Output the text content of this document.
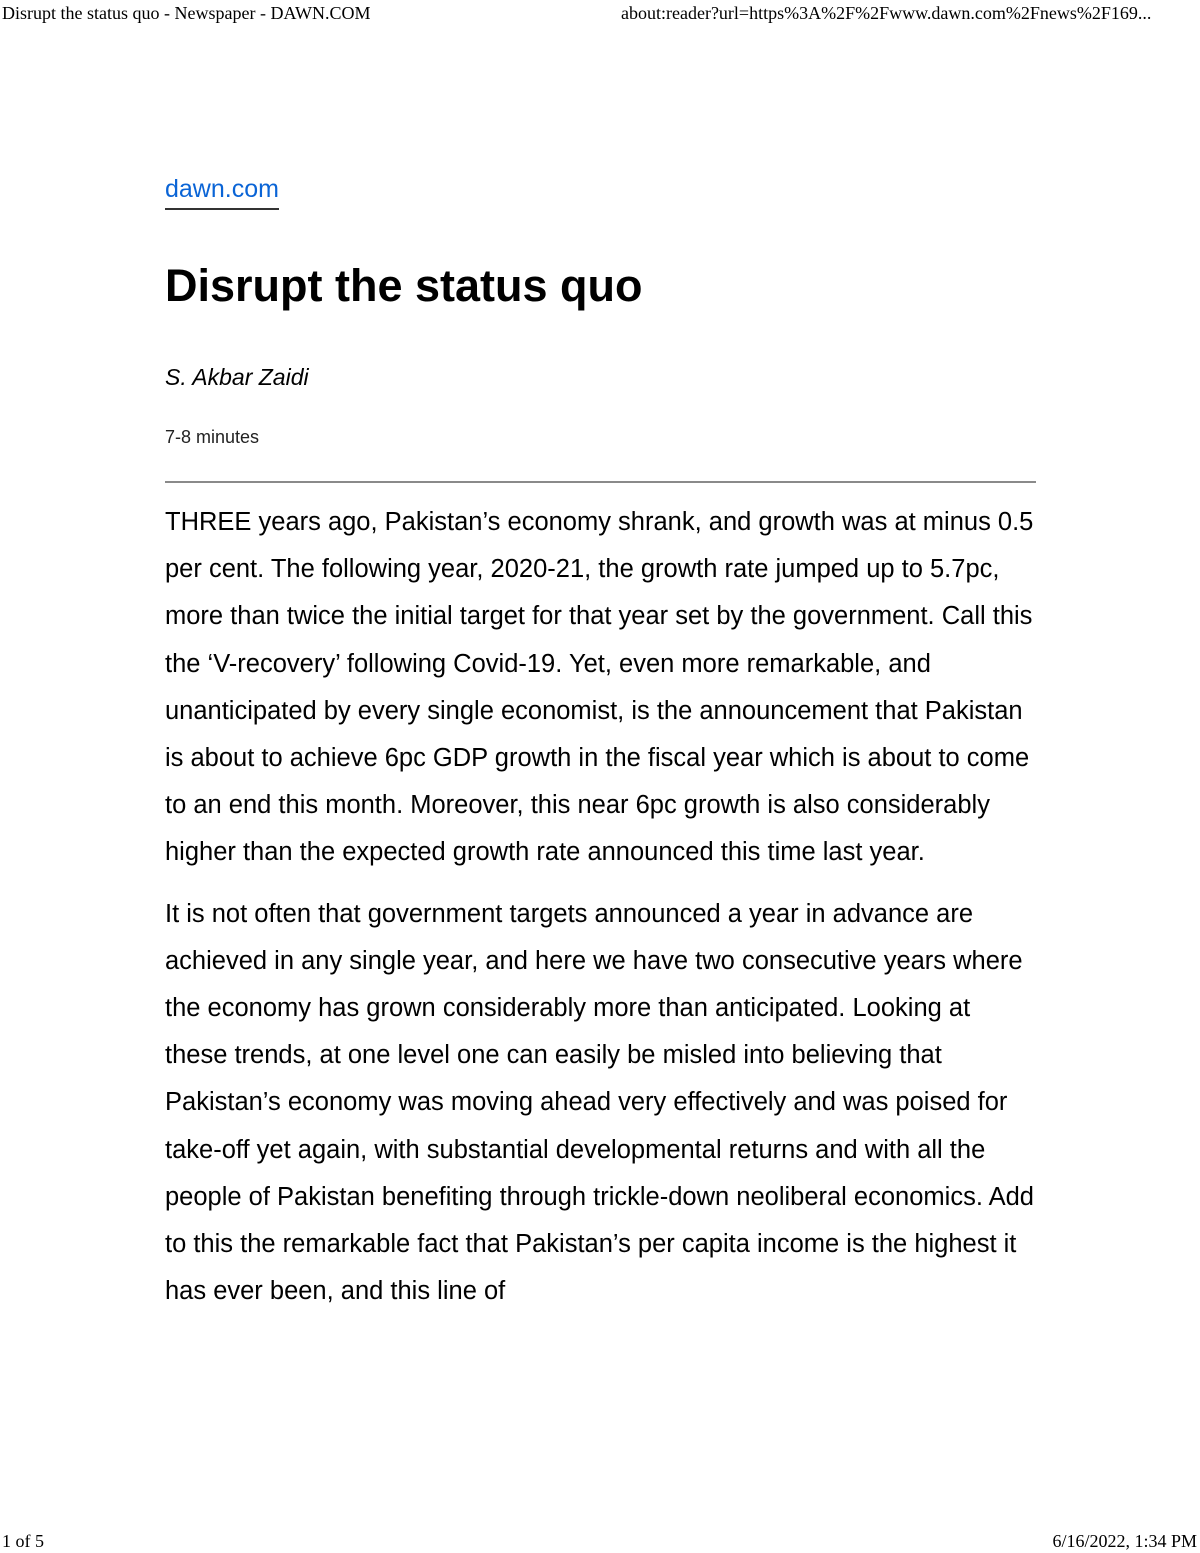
Disrupt the status quo - Newspaper - DAWN.COM	about:reader?url=https%3A%2F%2Fwww.dawn.com%2Fnews%2F169...
dawn.com
Disrupt the status quo
S. Akbar Zaidi
7-8 minutes

THREE years ago, Pakistan’s economy shrank, and growth was at minus 0.5 per cent. The following year, 2020-21, the growth rate jumped up to 5.7pc, more than twice the initial target for that year set by the government. Call this the ‘V-recovery’ following Covid-19. Yet, even more remarkable, and unanticipated by every single economist, is the announcement that Pakistan is about to achieve 6pc GDP growth in the fiscal year which is about to come to an end this month. Moreover, this near 6pc growth is also considerably higher than the expected growth rate announced this time last year.

It is not often that government targets announced a year in advance are achieved in any single year, and here we have two consecutive years where the economy has grown considerably more than anticipated. Looking at these trends, at one level one can easily be misled into believing that Pakistan’s economy was moving ahead very effectively and was poised for take-off yet again, with substantial developmental returns and with all the people of Pakistan benefiting through trickle-down neoliberal economics. Add to this the remarkable fact that Pakistan’s per capita income is the highest it has ever been, and this line of

1 of 5	6/16/2022, 1:34 PM
